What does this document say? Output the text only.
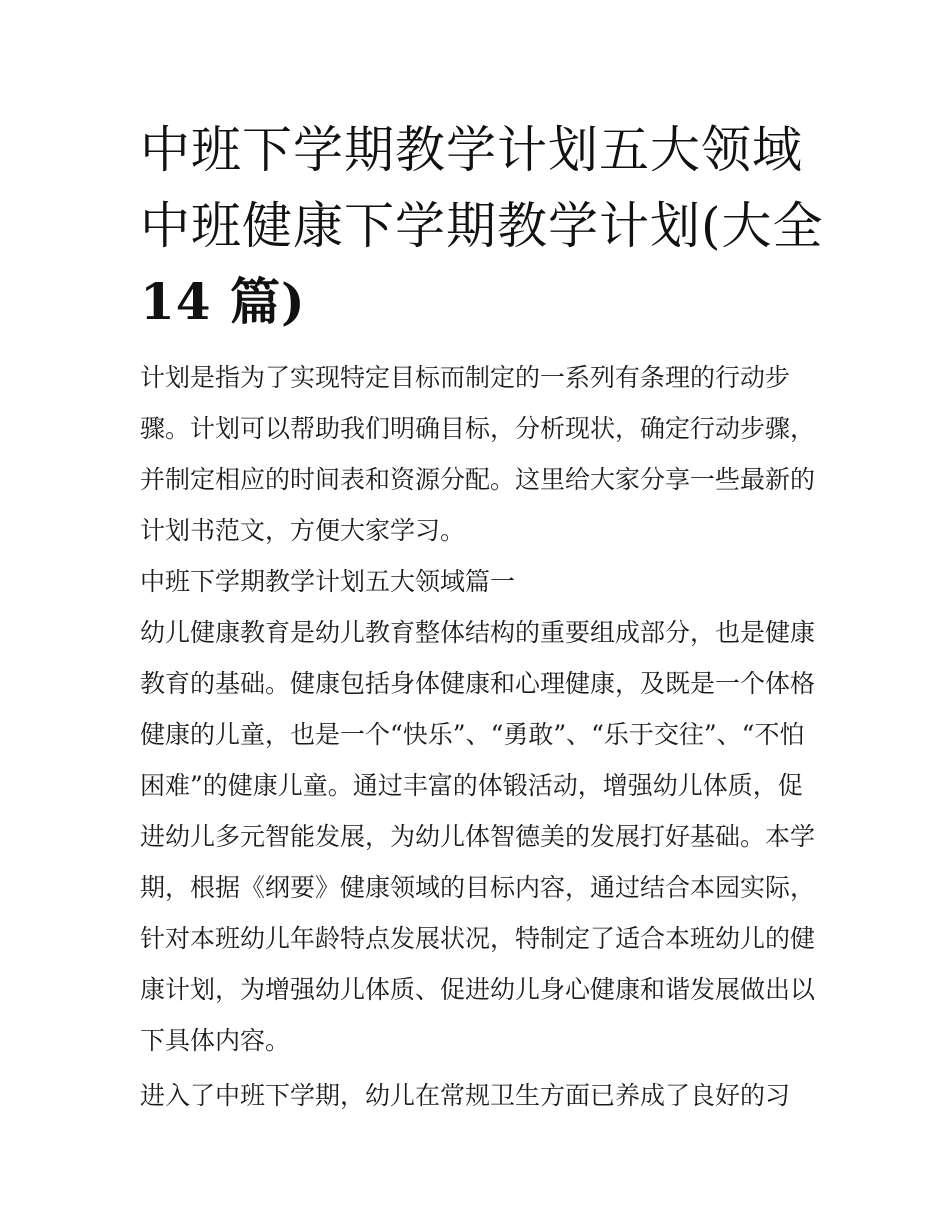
中班下学期教学计划五大领域
中班健康下学期教学计划(大全
14 篇)
计划是指为了实现特定目标而制定的一系列有条理的行动步
骤。计划可以帮助我们明确目标，分析现状，确定行动步骤，
并制定相应的时间表和资源分配。这里给大家分享一些最新的
计划书范文，方便大家学习。
中班下学期教学计划五大领域篇一
幼儿健康教育是幼儿教育整体结构的重要组成部分，也是健康
教育的基础。健康包括身体健康和心理健康，及既是一个体格
健康的儿童，也是一个“快乐”、“勇敢”、“乐于交往”、“不怕
困难”的健康儿童。通过丰富的体锻活动，增强幼儿体质，促
进幼儿多元智能发展，为幼儿体智德美的发展打好基础。本学
期，根据《纲要》健康领域的目标内容，通过结合本园实际，
针对本班幼儿年龄特点发展状况，特制定了适合本班幼儿的健
康计划，为增强幼儿体质、促进幼儿身心健康和谐发展做出以
下具体内容。
进入了中班下学期，幼儿在常规卫生方面已养成了良好的习
